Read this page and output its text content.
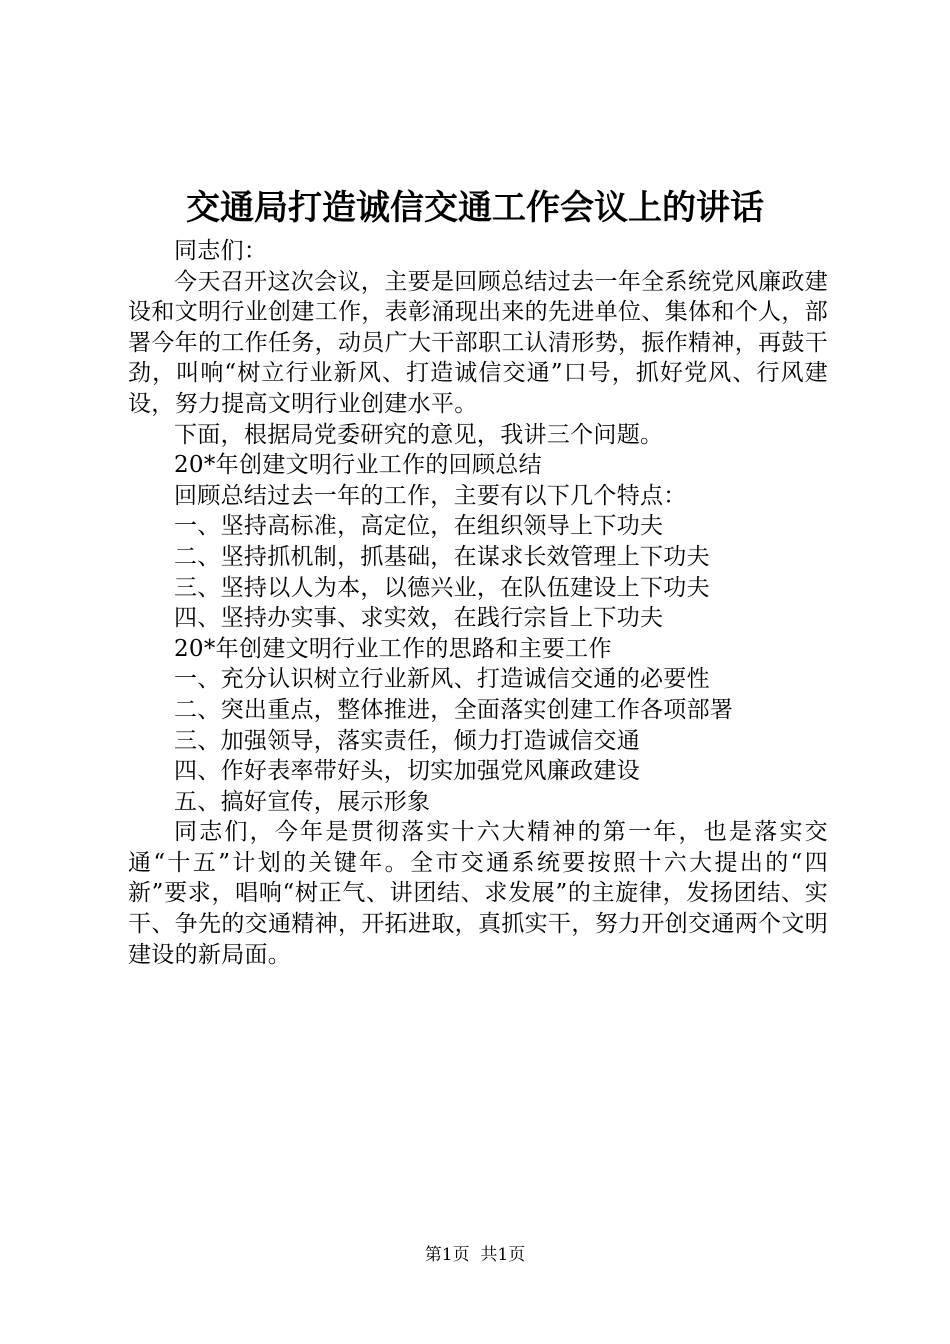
交通局打造诚信交通工作会议上的讲话

同志们：

今天召开这次会议，主要是回顾总结过去一年全系统党风廉政建设和文明行业创建工作，表彰涌现出来的先进单位、集体和个人，部署今年的工作任务，动员广大干部职工认清形势，振作精神，再鼓干劲，叫响“树立行业新风、打造诚信交通”口号，抓好党风、行风建设，努力提高文明行业创建水平。

下面，根据局党委研究的意见，我讲三个问题。

20*年创建文明行业工作的回顾总结

回顾总结过去一年的工作，主要有以下几个特点：

一、坚持高标准，高定位，在组织领导上下功夫

二、坚持抓机制，抓基础，在谋求长效管理上下功夫

三、坚持以人为本，以德兴业，在队伍建设上下功夫

四、坚持办实事、求实效，在践行宗旨上下功夫

20*年创建文明行业工作的思路和主要工作

一、充分认识树立行业新风、打造诚信交通的必要性

二、突出重点，整体推进，全面落实创建工作各项部署

三、加强领导，落实责任，倾力打造诚信交通

四、作好表率带好头，切实加强党风廉政建设

五、搞好宣传，展示形象

同志们，今年是贯彻落实十六大精神的第一年，也是落实交通“十五”计划的关键年。全市交通系统要按照十六大提出的“四新”要求，唱响“树正气、讲团结、求发展”的主旋律，发扬团结、实干、争先的交通精神，开拓进取，真抓实干，努力开创交通两个文明建设的新局面。

第1页  共1页
